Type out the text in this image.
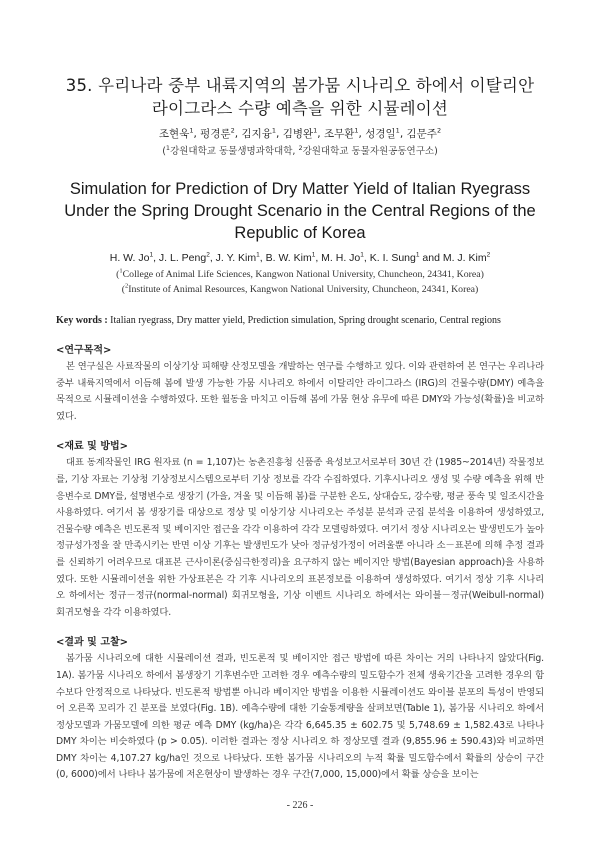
35. 우리나라 중부 내륙지역의 봄가뭄 시나리오 하에서 이탈리안
라이그라스 수량 예측을 위한 시뮬레이션
조현욱$^1$, 펑경룬$^2$, 김지융$^1$, 김병완$^1$, 조무환$^1$, 성경일$^1$, 김문주$^2$
($^1$강원대학교 동물생명과학대학, $^2$강원대학교 동물자원공동연구소)
Simulation for Prediction of Dry Matter Yield of Italian Ryegrass
Under the Spring Drought Scenario in the Central Regions of the
Republic of Korea
H. W. Jo$^1$, J. L. Peng$^2$, J. Y. Kim$^1$, B. W. Kim$^1$, M. H. Jo$^1$, K. I. Sung$^1$ and M. J. Kim$^2$
($^1$College of Animal Life Sciences, Kangwon National University, Chuncheon, 24341, Korea)
($^2$Institute of Animal Resources, Kangwon National University, Chuncheon, 24341, Korea)
Key words : Italian ryegrass, Dry matter yield, Prediction simulation, Spring drought scenario, Central regions
<연구목적>
본 연구실은 사료작물의 이상기상 피해량 산정모델을 개발하는 연구를 수행하고 있다. 이와 관련하여 본 연구는 우리나라 중부 내륙지역에서 이듬해 봄에 발생 가능한 가뭄 시나리오 하에서 이탈리안 라이그라스 (IRG)의 건물수량(DMY) 예측을 목적으로 시뮬레이션을 수행하였다. 또한 월동을 마치고 이듬해 봄에 가뭄 현상 유무에 따른 DMY와 가능성(확률)을 비교하였다.
<재료 및 방법>
대표 동계작물인 IRG 원자료 (n = 1,107)는 농촌진흥청 신품종 육성보고서로부터 30년 간 (1985~2014년) 작물정보를, 기상 자료는 기상청 기상정보시스템으로부터 기상 정보를 각각 수집하였다. 기후시나리오 생성 및 수량 예측을 위해 반응변수로 DMY를, 설명변수로 생장기 (가을, 겨울 및 이듬해 봄)를 구분한 온도, 상대습도, 강수량, 평균 풍속 및 일조시간을 사용하였다. 여기서 봄 생장기를 대상으로 정상 및 이상기상 시나리오는 주성분 분석과 군집 분석을 이용하여 생성하였고, 건물수량 예측은 빈도론적 및 베이지안 접근을 각각 이용하여 각각 모델링하였다. 여기서 정상 시나리오는 발생빈도가 높아 정규성가정을 잘 만족시키는 반면 이상 기후는 발생빈도가 낮아 정규성가정이 어려울뿐 아니라 소－표본에 의해 추정 결과를 신뢰하기 어려우므로 대표본 근사이론(중심극한정리)을 요구하지 않는 베이지안 방법(Bayesian approach)을 사용하였다. 또한 시뮬레이션을 위한 가상표본은 각 기후 시나리오의 표본정보를 이용하여 생성하였다. 여기서 정상 기후 시나리오 하에서는 정규－정규(normal-normal) 회귀모형을, 기상 이벤트 시나리오 하에서는 와이블－정규(Weibull-normal) 회귀모형을 각각 이용하였다.
<결과 및 고찰>
봄가뭄 시나리오에 대한 시뮬레이션 결과, 빈도론적 및 베이지안 접근 방법에 따른 차이는 거의 나타나지 않았다(Fig. 1A). 봄가뭄 시나리오 하에서 봄생장기 기후변수만 고려한 경우 예측수량의 밀도함수가 전체 생육기간을 고려한 경우의 함수보다 안정적으로 나타났다. 빈도론적 방법뿐 아니라 베이지안 방법을 이용한 시뮬레이션도 와이블 분포의 특성이 반영되어 오른쪽 꼬리가 긴 분포를 보였다(Fig. 1B). 예측수량에 대한 기술통계량을 살펴보면(Table 1), 봄가뭄 시나리오 하에서 정상모델과 가뭄모델에 의한 평균 예측 DMY (kg/ha)은 각각 6,645.35 ± 602.75 및 5,748.69 ± 1,582.43로 나타나 DMY 차이는 비슷하였다 (p > 0.05). 이러한 결과는 정상 시나리오 하 정상모델 결과 (9,855.96 ± 590.43)와 비교하면 DMY 차이는 4,107.27 kg/ha인 것으로 나타났다. 또한 봄가뭄 시나리오의 누적 확률 밀도함수에서 확률의 상승이 구간 (0, 6000)에서 나타나 봄가뭄에 저온현상이 발생하는 경우 구간(7,000, 15,000)에서 확률 상승을 보이는
- 226 -
